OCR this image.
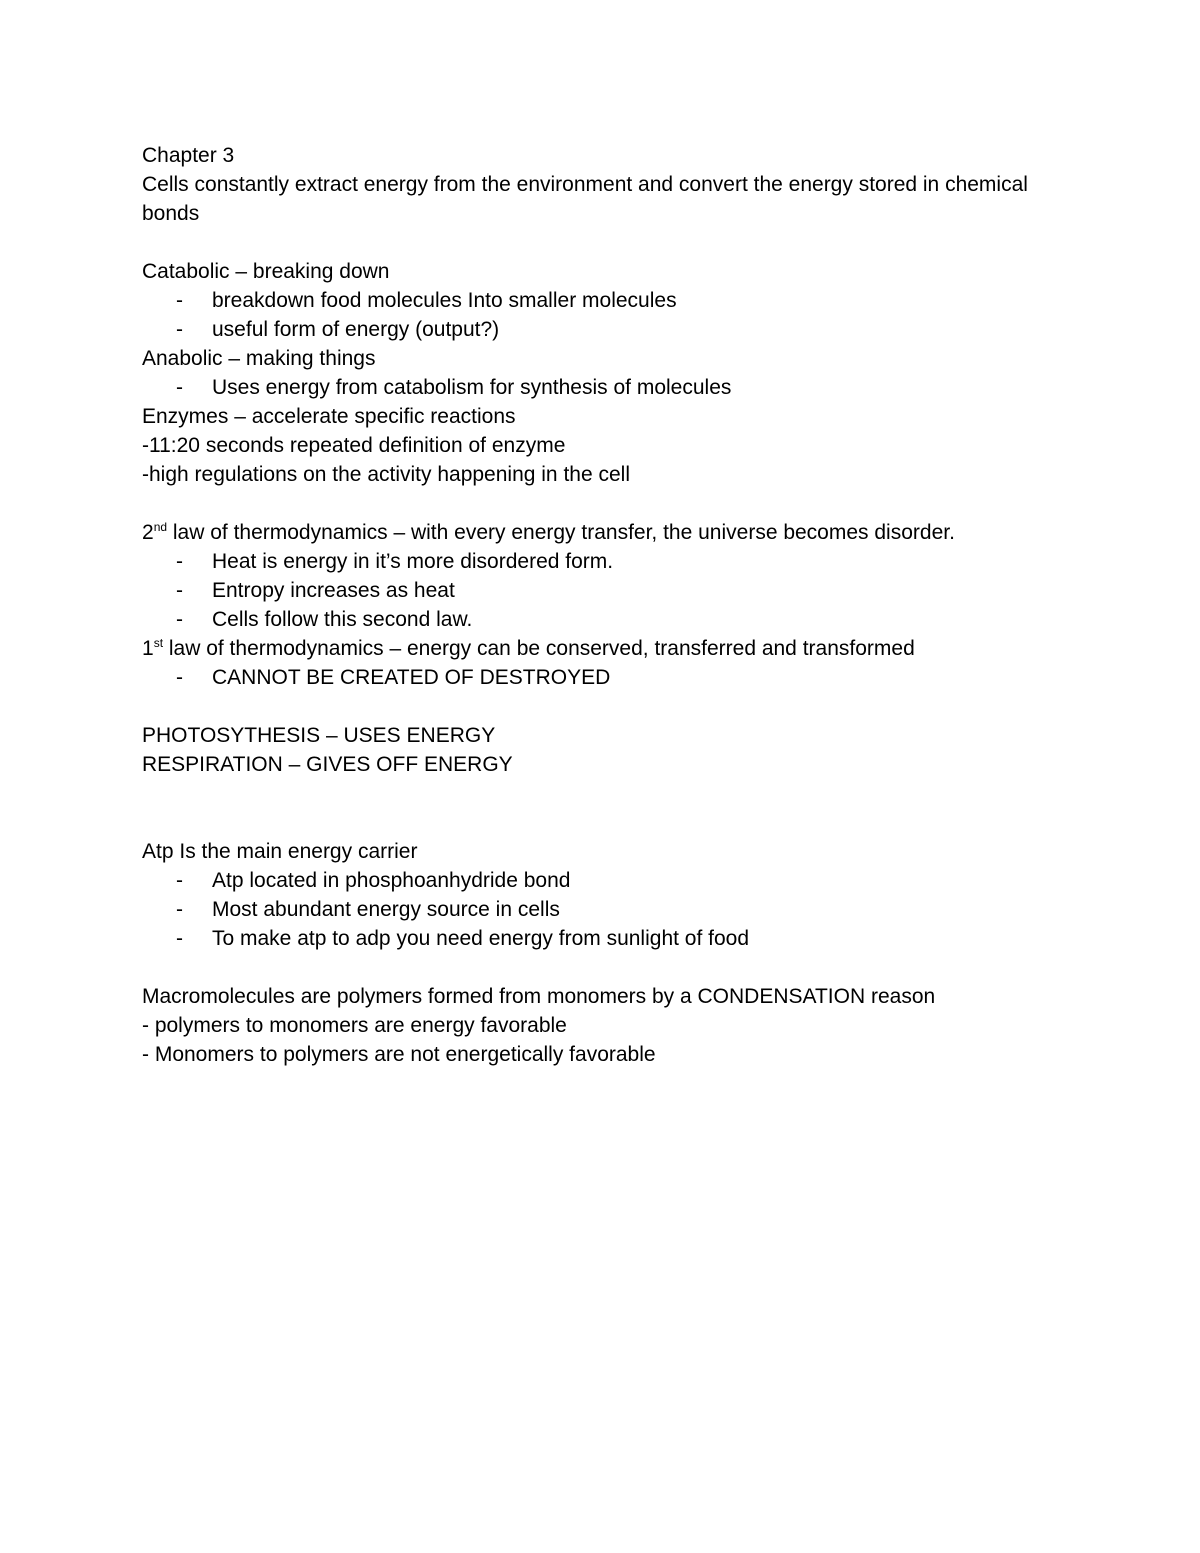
Chapter 3
Cells constantly extract energy from the environment and convert the energy stored in chemical bonds
Catabolic – breaking down
- breakdown food molecules Into smaller molecules
- useful form of energy (output?)
Anabolic – making things
- Uses energy from catabolism for synthesis of molecules
Enzymes – accelerate specific reactions
-11:20 seconds repeated definition of enzyme
-high regulations on the activity happening in the cell
2nd law of thermodynamics – with every energy transfer, the universe becomes disorder.
- Heat is energy in it’s more disordered form.
- Entropy increases as heat
- Cells follow this second law.
1st law of thermodynamics – energy can be conserved, transferred and transformed
- CANNOT BE CREATED OF DESTROYED
PHOTOSYTHESIS – USES ENERGY
RESPIRATION – GIVES OFF ENERGY
Atp Is the main energy carrier
- Atp located in phosphoanhydride bond
- Most abundant energy source in cells
- To make atp to adp you need energy from sunlight of food
Macromolecules are polymers formed from monomers by a CONDENSATION reason
- polymers to monomers are energy favorable
- Monomers to polymers are not energetically favorable
